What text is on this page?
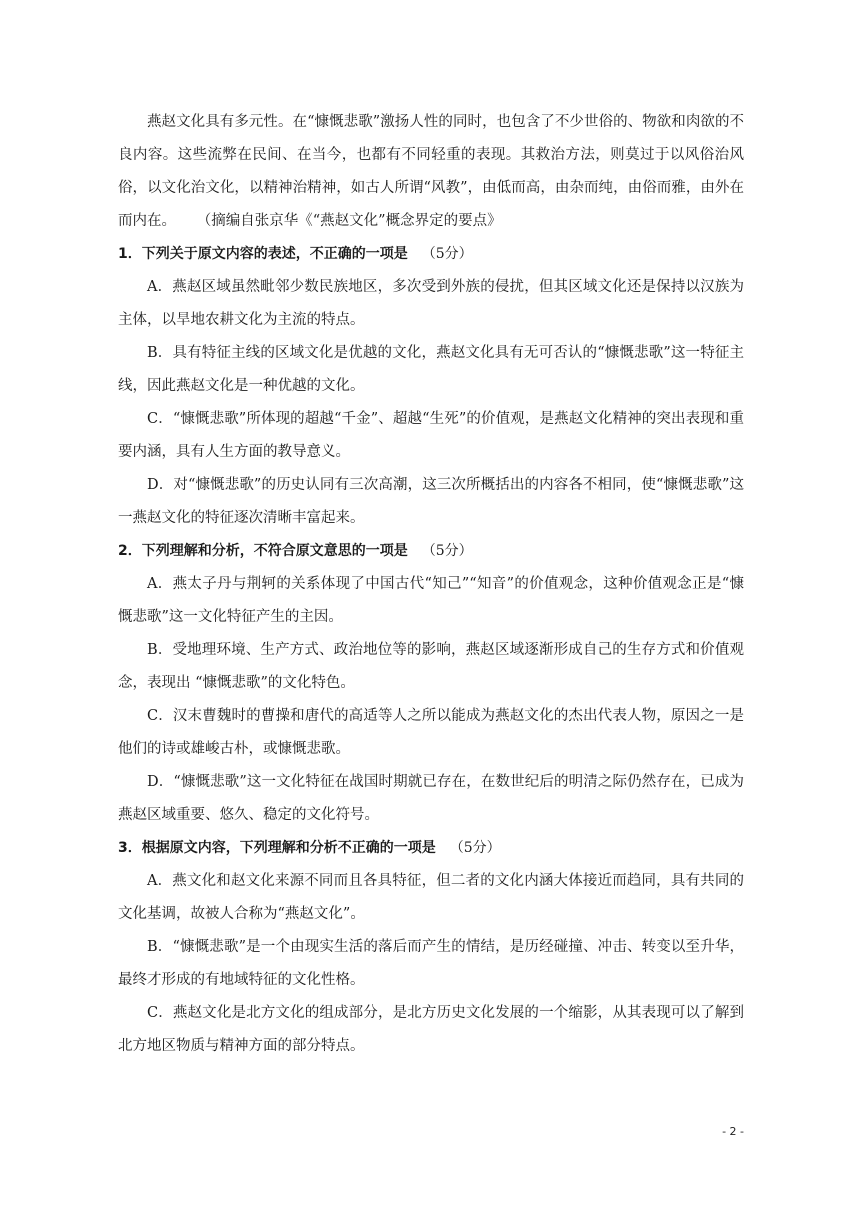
燕赵文化具有多元性。在“慷慨悲歌”激扬人性的同时，也包含了不少世俗的、物欲和肉欲的不良内容。这些流弊在民间、在当今，也都有不同轻重的表现。其救治方法，则莫过于以风俗治风俗，以文化治文化，以精神治精神，如古人所谓“风教”，由低而高，由杂而纯，由俗而雅，由外在而内在。 （摘编自张京华《“燕赵文化”概念界定的要点》

1．下列关于原文内容的表述，不正确的一项是 （5分）

A．燕赵区域虽然毗邻少数民族地区，多次受到外族的侵扰，但其区域文化还是保持以汉族为主体，以旱地农耕文化为主流的特点。

B．具有特征主线的区域文化是优越的文化，燕赵文化具有无可否认的“慷慨悲歌”这一特征主线，因此燕赵文化是一种优越的文化。

C．“慷慨悲歌”所体现的超越“千金”、超越“生死”的价值观，是燕赵文化精神的突出表现和重要内涵，具有人生方面的教导意义。

D．对“慷慨悲歌”的历史认同有三次高潮，这三次所概括出的内容各不相同，使“慷慨悲歌”这一燕赵文化的特征逐次清晰丰富起来。

2．下列理解和分析，不符合原文意思的一项是 （5分）

A．燕太子丹与荆轲的关系体现了中国古代“知己”“知音”的价值观念，这种价值观念正是“慷慨悲歌”这一文化特征产生的主因。

B．受地理环境、生产方式、政治地位等的影响，燕赵区域逐渐形成自己的生存方式和价值观念，表现出 “慷慨悲歌”的文化特色。

C．汉末曹魏时的曹操和唐代的高适等人之所以能成为燕赵文化的杰出代表人物，原因之一是他们的诗或雄峻古朴，或慷慨悲歌。

D．“慷慨悲歌”这一文化特征在战国时期就已存在，在数世纪后的明清之际仍然存在，已成为燕赵区域重要、悠久、稳定的文化符号。

3．根据原文内容，下列理解和分析不正确的一项是 （5分）

A．燕文化和赵文化来源不同而且各具特征，但二者的文化内涵大体接近而趋同，具有共同的文化基调，故被人合称为“燕赵文化”。

B．“慷慨悲歌”是一个由现实生活的落后而产生的情结，是历经碰撞、冲击、转变以至升华，最终才形成的有地域特征的文化性格。

C．燕赵文化是北方文化的组成部分，是北方历史文化发展的一个缩影，从其表现可以了解到北方地区物质与精神方面的部分特点。

- 2 -
